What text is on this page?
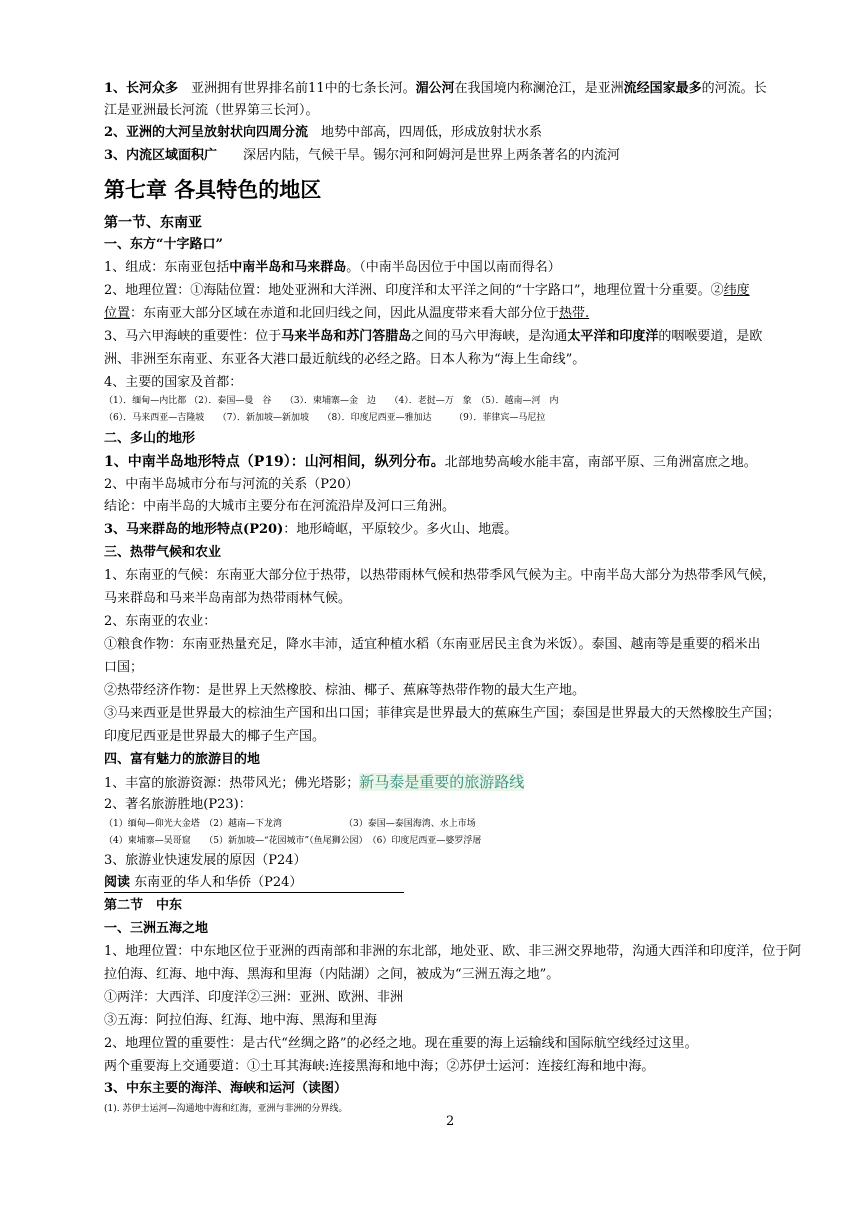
1、长河众多　亚洲拥有世界排名前11中的七条长河。湄公河在我国境内称澜沧江，是亚洲流经国家最多的河流。长
江是亚洲最长河流（世界第三长河）。
2、亚洲的大河呈放射状向四周分流　地势中部高，四周低，形成放射状水系
3、内流区域面积广　　深居内陆，气候干旱。锡尔河和阿姆河是世界上两条著名的内流河
第七章 各具特色的地区
第一节、东南亚
一、东方“十字路口”
1、组成：东南亚包括中南半岛和马来群岛。（中南半岛因位于中国以南而得名）
2、地理位置：①海陆位置：地处亚洲和大洋洲、印度洋和太平洋之间的“十字路口”，地理位置十分重要。②纬度
位置：东南亚大部分区域在赤道和北回归线之间，因此从温度带来看大部分位于热带.
3、马六甲海峡的重要性：位于马来半岛和苏门答腊岛之间的马六甲海峡，是沟通太平洋和印度洋的咽喉要道，是欧
洲、非洲至东南亚、东亚各大港口最近航线的必经之路。日本人称为“海上生命线”。
4、主要的国家及首都：
（1）．缅甸—内比都 （2）．泰国—曼　谷　　（3）．柬埔寨—金　边　　（4）．老挝—万　象　（5）．越南—河　内
（6）．马来西亚—吉隆坡　　（7）．新加坡—新加坡　　（8）．印度尼西亚—雅加达　　　（9）．菲律宾—马尼拉
二、多山的地形
1、中南半岛地形特点（P19）：山河相间，纵列分布。北部地势高峻水能丰富，南部平原、三角洲富庶之地。
2、中南半岛城市分布与河流的关系（P20）
结论：中南半岛的大城市主要分布在河流沿岸及河口三角洲。
3、马来群岛的地形特点(P20)：地形崎岖，平原较少。多火山、地震。
三、热带气候和农业
1、东南亚的气候：东南亚大部分位于热带，以热带雨林气候和热带季风气候为主。中南半岛大部分为热带季风气候，
马来群岛和马来半岛南部为热带雨林气候。
2、东南亚的农业：
①粮食作物：东南亚热量充足，降水丰沛，适宜种植水稻（东南亚居民主食为米饭）。泰国、越南等是重要的稻米出
口国；
②热带经济作物：是世界上天然橡胶、棕油、椰子、蕉麻等热带作物的最大生产地。
③马来西亚是世界最大的棕油生产国和出口国；菲律宾是世界最大的蕉麻生产国；泰国是世界最大的天然橡胶生产国；
印度尼西亚是世界最大的椰子生产国。
四、富有魅力的旅游目的地
1、丰富的旅游资源：热带风光；佛光塔影；新马泰是重要的旅游路线
2、著名旅游胜地(P23)：
（1）缅甸—仰光大金塔　（2）越南—下龙湾	（3）泰国—泰国海湾、水上市场
（4）柬埔寨—吴哥窟　　（5）新加坡—“花园城市”（鱼尾狮公园）　（6）印度尼西亚—婆罗浮屠
3、旅游业快速发展的原因（P24）
阅读 东南亚的华人和华侨（P24）
第二节　中东
一、三洲五海之地
1、地理位置：中东地区位于亚洲的西南部和非洲的东北部，地处亚、欧、非三洲交界地带，沟通大西洋和印度洋，位于阿
拉伯海、红海、地中海、黑海和里海（内陆湖）之间，被成为“三洲五海之地”。
①两洋：大西洋、印度洋②三洲：亚洲、欧洲、非洲
③五海：阿拉伯海、红海、地中海、黑海和里海
2、地理位置的重要性：是古代“丝绸之路”的必经之地。现在重要的海上运输线和国际航空线经过这里。
两个重要海上交通要道：①土耳其海峡:连接黑海和地中海；②苏伊士运河：连接红海和地中海。
3、中东主要的海洋、海峡和运河（读图）
(1). 苏伊士运河—沟通地中海和红海，亚洲与非洲的分界线。
2
